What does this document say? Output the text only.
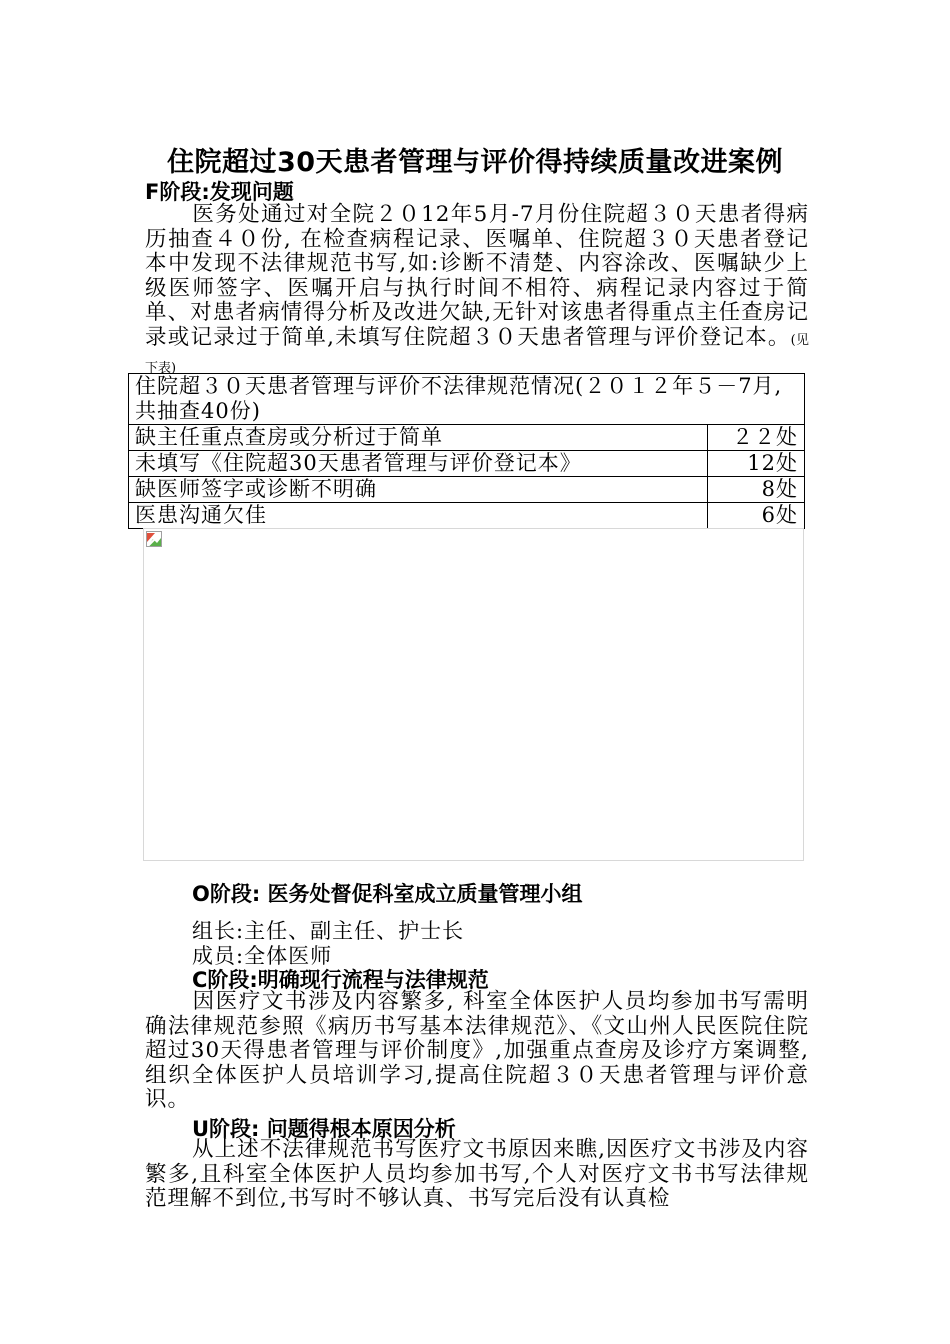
住院超过30天患者管理与评价得持续质量改进案例
F阶段:发现问题
医务处通过对全院２０12年5月-7月份住院超３０天患者得病历抽查４０份, 在检查病程记录、医嘱单、住院超３０天患者登记本中发现不法律规范书写,如:诊断不清楚、内容涂改、医嘱缺少上级医师签字、医嘱开启与执行时间不相符、病程记录内容过于简单、对患者病情得分析及改进欠缺,无针对该患者得重点主任查房记录或记录过于简单,未填写住院超３０天患者管理与评价登记本。(见下表)
住院超３０天患者管理与评价不法律规范情况(２０１２年５－7月,共抽查40份)	
缺主任重点查房或分析过于简单	２２处
未填写《住院超30天患者管理与评价登记本》	12处
缺医师签字或诊断不明确	8处
医患沟通欠佳	6处
O阶段: 医务处督促科室成立质量管理小组
组长:主任、副主任、护士长
成员:全体医师
C阶段:明确现行流程与法律规范
因医疗文书涉及内容繁多, 科室全体医护人员均参加书写需明确法律规范参照《病历书写基本法律规范》、《文山州人民医院住院超过30天得患者管理与评价制度》,加强重点查房及诊疗方案调整,组织全体医护人员培训学习,提高住院超３０天患者管理与评价意识。
U阶段: 问题得根本原因分析
从上述不法律规范书写医疗文书原因来瞧,因医疗文书涉及内容繁多,且科室全体医护人员均参加书写,个人对医疗文书书写法律规范理解不到位,书写时不够认真、书写完后没有认真检
